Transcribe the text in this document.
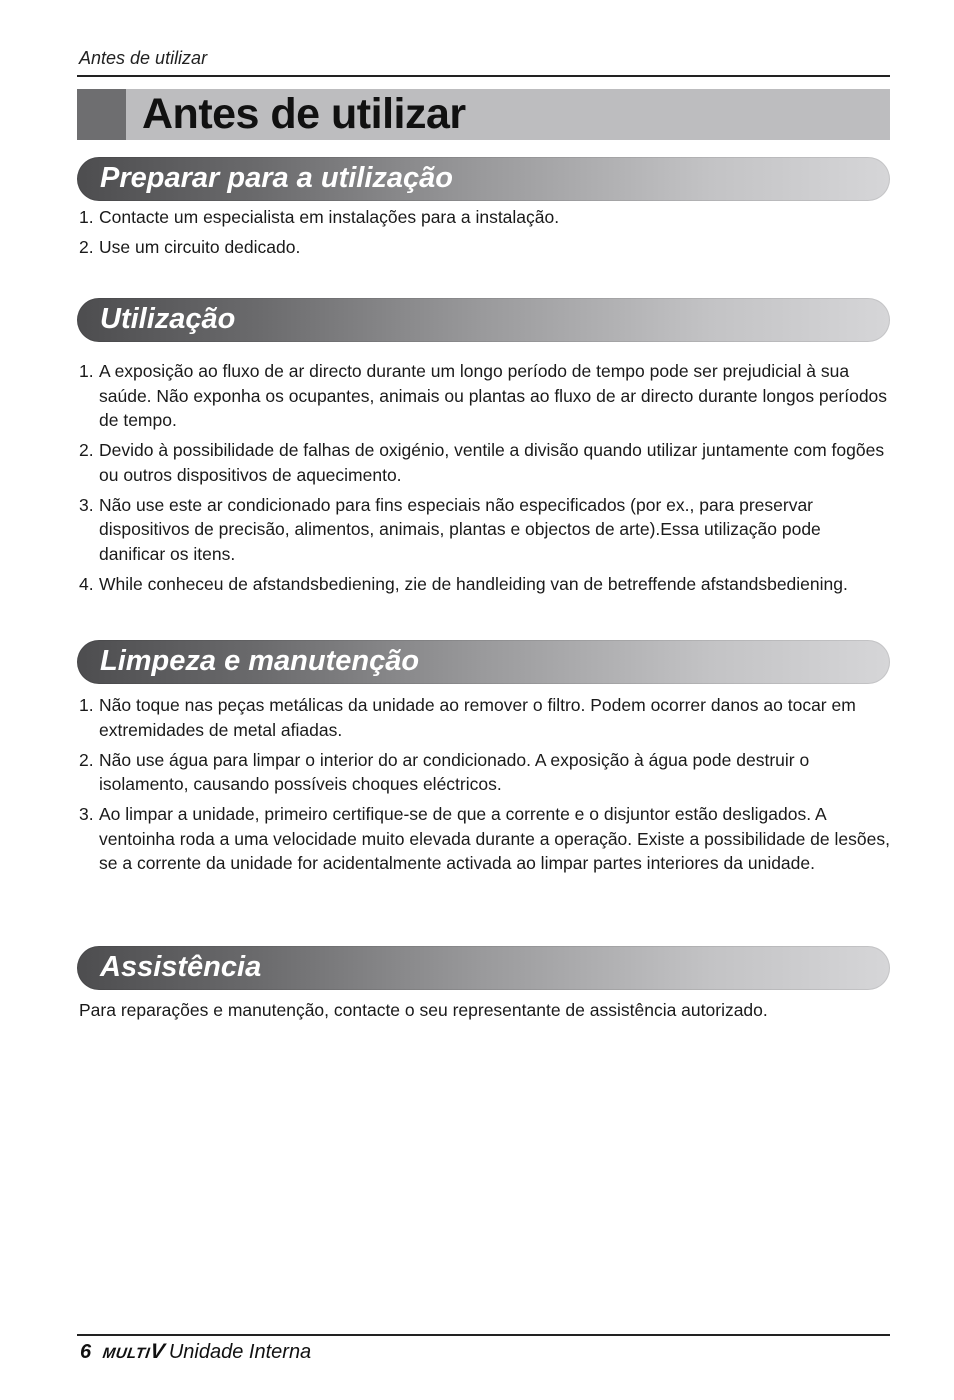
Antes de utilizar
Antes de utilizar
Preparar para a utilização
1. Contacte um especialista em instalações para a instalação.
2. Use um circuito dedicado.
Utilização
1. A exposição ao fluxo de ar directo durante um longo período de tempo pode ser prejudicial à sua saúde. Não exponha os ocupantes, animais ou plantas ao fluxo de ar directo durante longos períodos de tempo.
2. Devido à possibilidade de falhas de oxigénio, ventile a divisão quando utilizar juntamente com fogões ou outros dispositivos de aquecimento.
3. Não use este ar condicionado para fins especiais não especificados (por ex., para preservar dispositivos de precisão, alimentos, animais, plantas e objectos de arte).Essa utilização pode danificar os itens.
4. While conheceu de afstandsbediening, zie de handleiding van de betreffende afstandsbediening.
Limpeza e manutenção
1. Não toque nas peças metálicas da unidade ao remover o filtro. Podem ocorrer danos ao tocar em extremidades de metal afiadas.
2. Não use água para limpar o interior do ar condicionado. A exposição à água pode destruir o isolamento, causando possíveis choques eléctricos.
3. Ao limpar a unidade, primeiro certifique-se de que a corrente e o disjuntor estão desligados. A ventoinha roda a uma velocidade muito elevada durante a operação. Existe a possibilidade de lesões, se a corrente da unidade for acidentalmente activada ao limpar partes interiores da unidade.
Assistência
Para reparações e manutenção, contacte o seu representante de assistência autorizado.
6 MULTIV Unidade Interna
